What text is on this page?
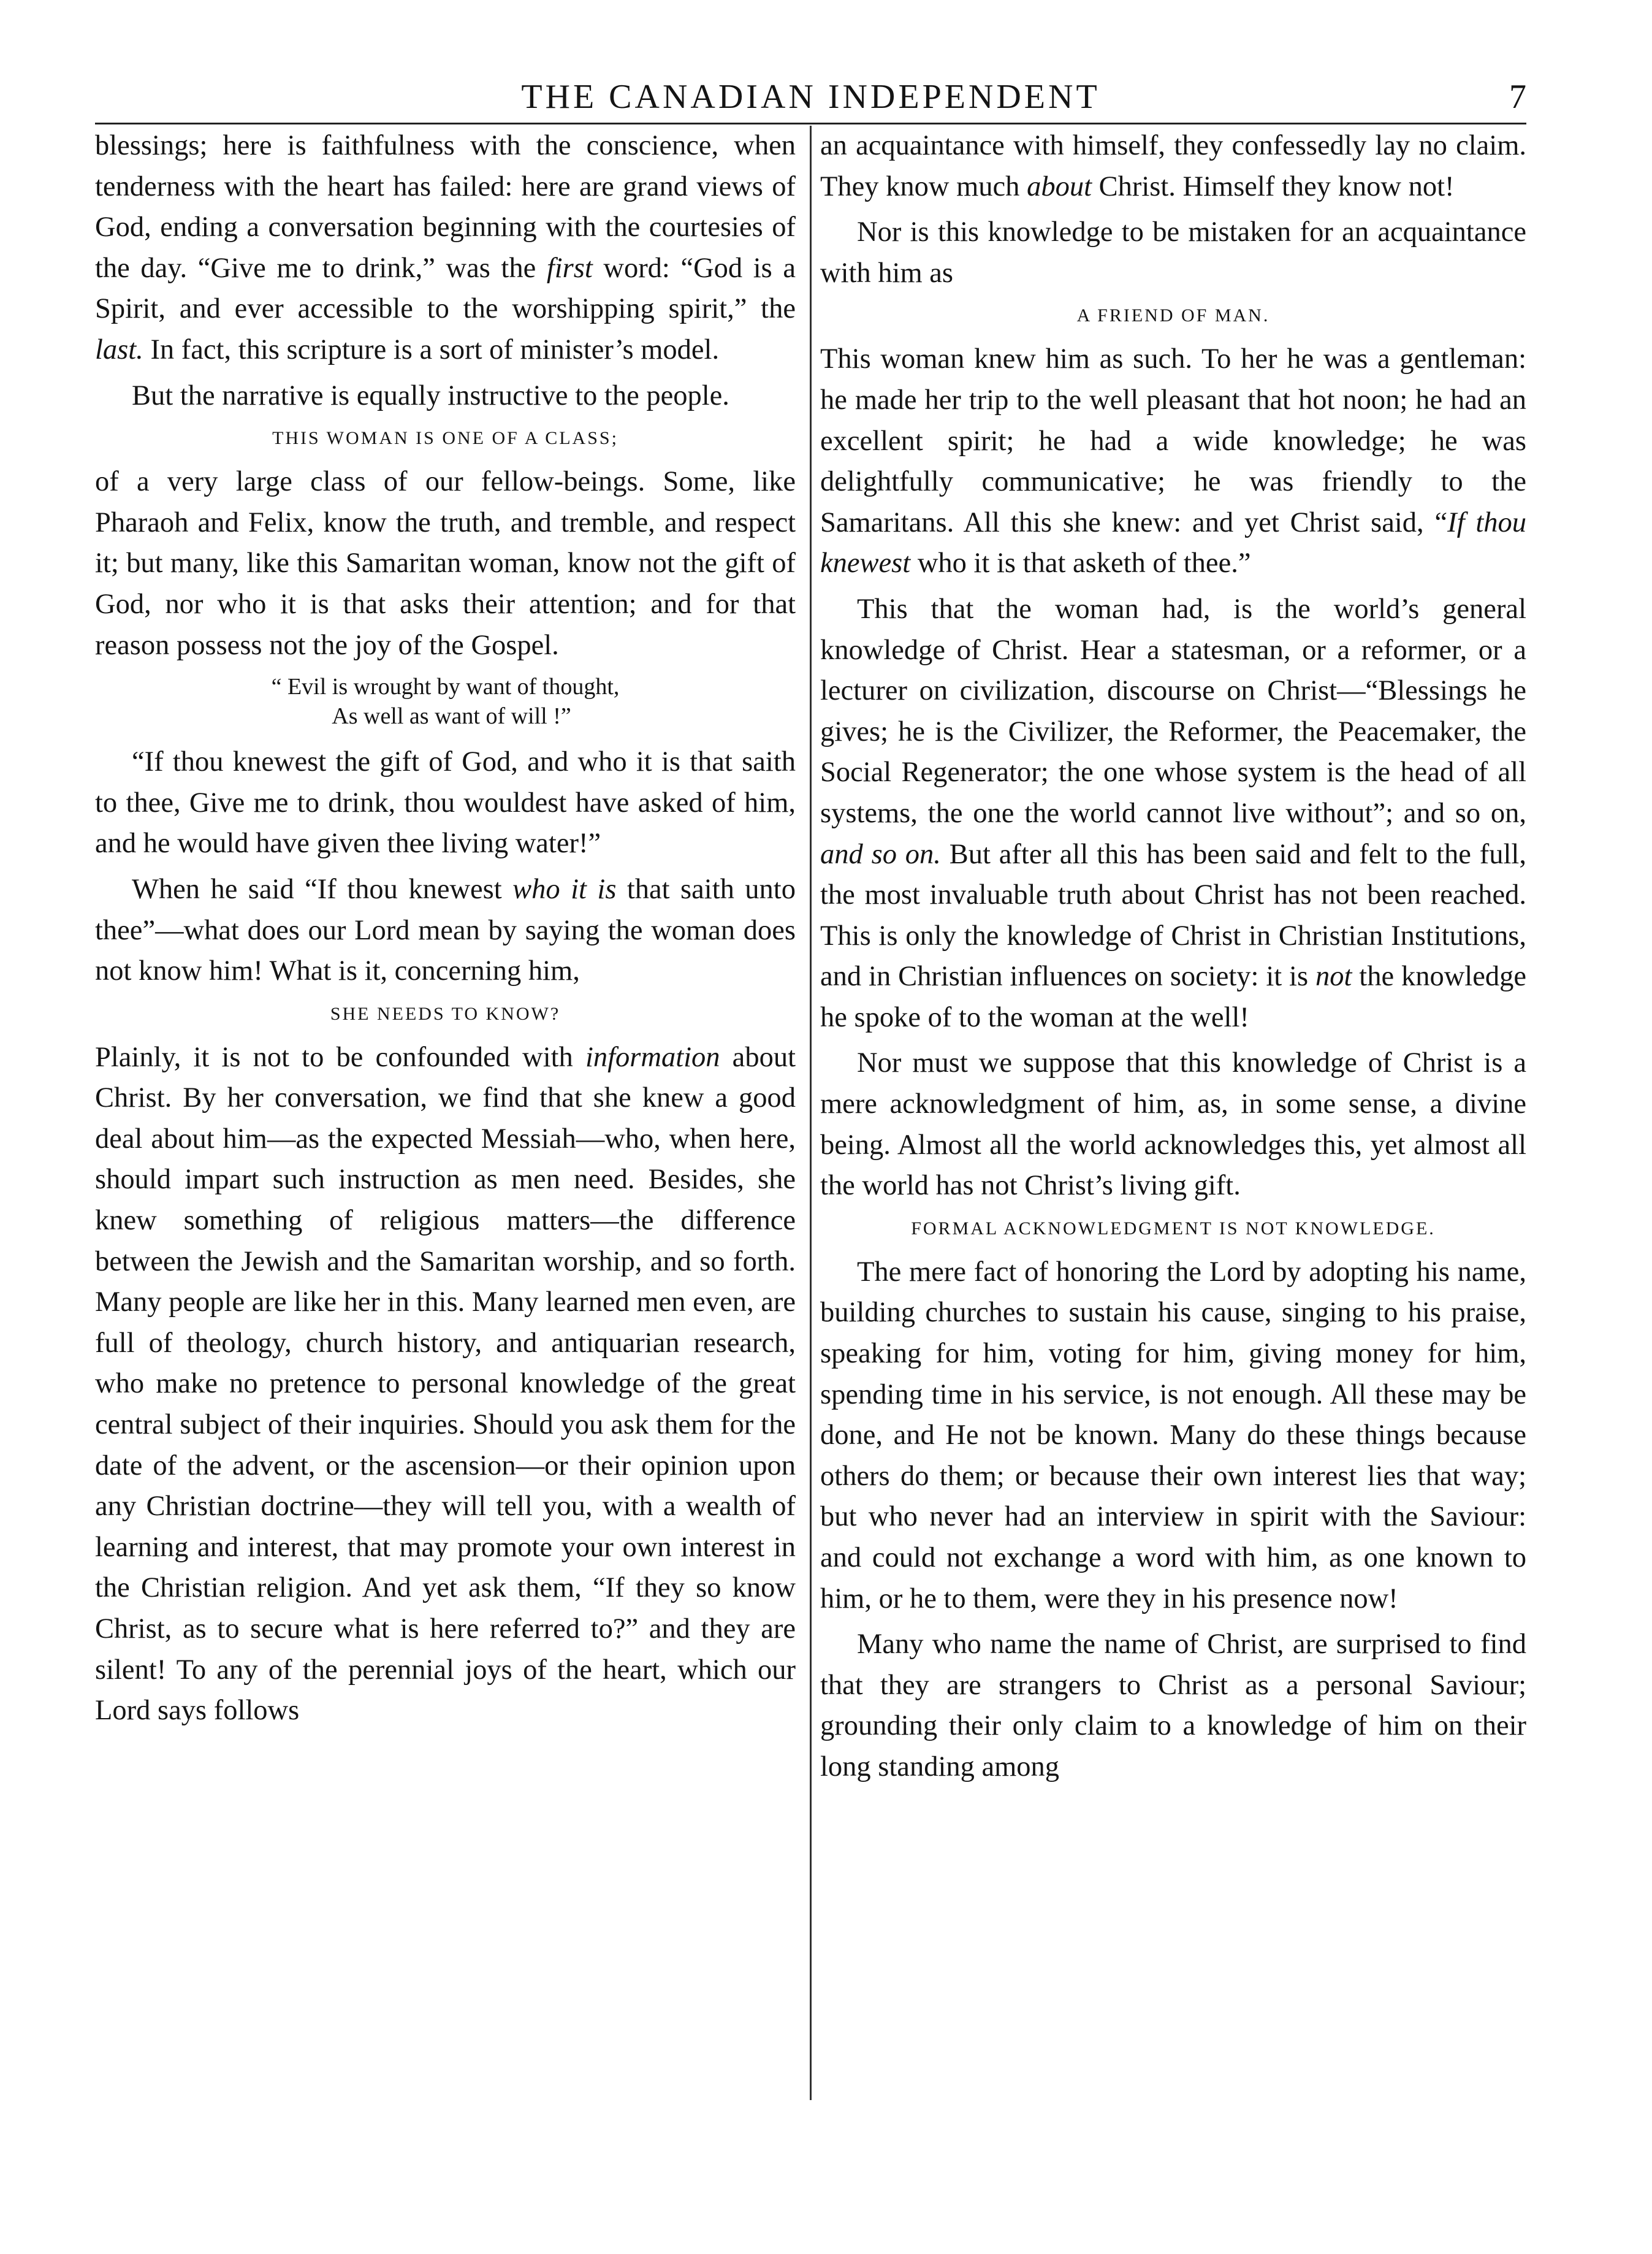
THE CANADIAN INDEPENDENT	7

blessings; here is faithfulness with the conscience, when tenderness with the heart has failed: here are grand views of God, ending a conversation beginning with the courtesies of the day. “Give me to drink,” was the first word: “God is a Spirit, and ever accessible to the worshipping spirit,” the last. In fact, this scripture is a sort of minister’s model.

But the narrative is equally instructive to the people.

THIS WOMAN IS ONE OF A CLASS;

of a very large class of our fellow-beings. Some, like Pharaoh and Felix, know the truth, and tremble, and respect it; but many, like this Samaritan woman, know not the gift of God, nor who it is that asks their attention; and for that reason possess not the joy of the Gospel.

“ Evil is wrought by want of thought,
As well as want of will !”

“If thou knewest the gift of God, and who it is that saith to thee, Give me to drink, thou wouldest have asked of him, and he would have given thee living water!”

When he said “If thou knewest who it is that saith unto thee”—what does our Lord mean by saying the woman does not know him! What is it, concerning him,

SHE NEEDS TO KNOW?

Plainly, it is not to be confounded with information about Christ. By her conversation, we find that she knew a good deal about him—as the expected Messiah—who, when here, should impart such instruction as men need. Besides, she knew something of religious matters—the difference between the Jewish and the Samaritan worship, and so forth. Many people are like her in this. Many learned men even, are full of theology, church history, and antiquarian research, who make no pretence to personal knowledge of the great central subject of their inquiries. Should you ask them for the date of the advent, or the ascension—or their opinion upon any Christian doctrine—they will tell you, with a wealth of learning and interest, that may promote your own interest in the Christian religion. And yet ask them, “If they so know Christ, as to secure what is here referred to?” and they are silent! To any of the perennial joys of the heart, which our Lord says follows

an acquaintance with himself, they confessedly lay no claim. They know much about Christ. Himself they know not!

Nor is this knowledge to be mistaken for an acquaintance with him as

A FRIEND OF MAN.

This woman knew him as such. To her he was a gentleman: he made her trip to the well pleasant that hot noon; he had an excellent spirit; he had a wide knowledge; he was delightfully communicative; he was friendly to the Samaritans. All this she knew: and yet Christ said, “If thou knewest who it is that asketh of thee.”

This that the woman had, is the world’s general knowledge of Christ. Hear a statesman, or a reformer, or a lecturer on civilization, discourse on Christ—“Blessings he gives; he is the Civilizer, the Reformer, the Peacemaker, the Social Regenerator; the one whose system is the head of all systems, the one the world cannot live without”; and so on, and so on. But after all this has been said and felt to the full, the most invaluable truth about Christ has not been reached. This is only the knowledge of Christ in Christian Institutions, and in Christian influences on society: it is not the knowledge he spoke of to the woman at the well!

Nor must we suppose that this knowledge of Christ is a mere acknowledgment of him, as, in some sense, a divine being. Almost all the world acknowledges this, yet almost all the world has not Christ’s living gift.

FORMAL ACKNOWLEDGMENT IS NOT KNOWLEDGE.

The mere fact of honoring the Lord by adopting his name, building churches to sustain his cause, singing to his praise, speaking for him, voting for him, giving money for him, spending time in his service, is not enough. All these may be done, and He not be known. Many do these things because others do them; or because their own interest lies that way; but who never had an interview in spirit with the Saviour: and could not exchange a word with him, as one known to him, or he to them, were they in his presence now!

Many who name the name of Christ, are surprised to find that they are strangers to Christ as a personal Saviour; grounding their only claim to a knowledge of him on their long standing among
